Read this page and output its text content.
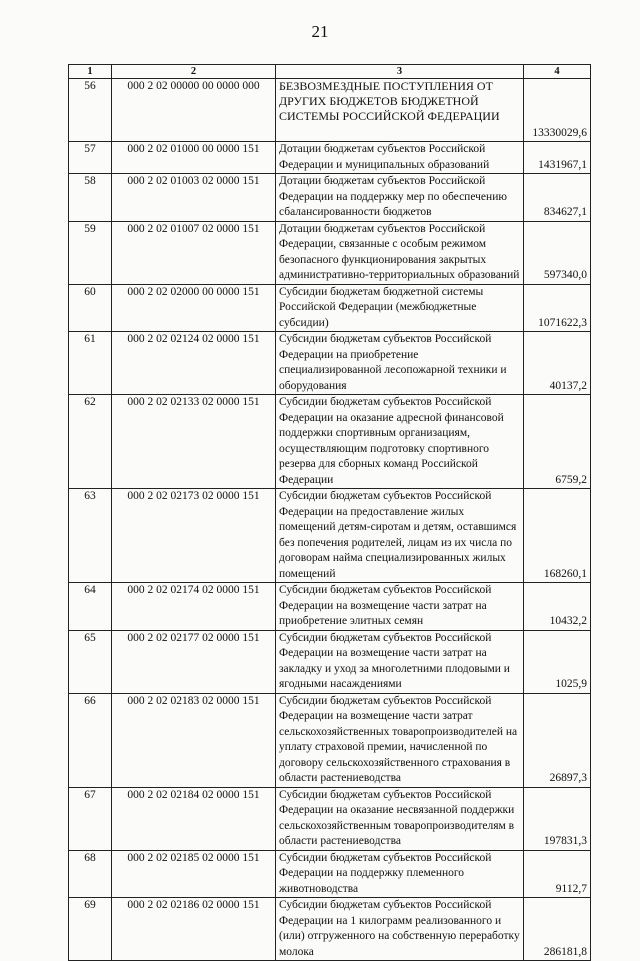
21
1	2	3	4
56	000 2 02 00000 00 0000 000	БЕЗВОЗМЕЗДНЫЕ ПОСТУПЛЕНИЯ ОТ ДРУГИХ БЮДЖЕТОВ БЮДЖЕТНОЙ СИСТЕМЫ РОССИЙСКОЙ ФЕДЕРАЦИИ	13330029,6
57	000 2 02 01000 00 0000 151	Дотации бюджетам субъектов Российской Федерации и муниципальных образований	1431967,1
58	000 2 02 01003 02 0000 151	Дотации бюджетам субъектов Российской Федерации на поддержку мер по обеспечению сбалансированности бюджетов	834627,1
59	000 2 02 01007 02 0000 151	Дотации бюджетам субъектов Российской Федерации, связанные с особым режимом безопасного функционирования закрытых административно-территориальных образований	597340,0
60	000 2 02 02000 00 0000 151	Субсидии бюджетам бюджетной системы Российской Федерации (межбюджетные субсидии)	1071622,3
61	000 2 02 02124 02 0000 151	Субсидии бюджетам субъектов Российской Федерации на приобретение специализированной лесопожарной техники и оборудования	40137,2
62	000 2 02 02133 02 0000 151	Субсидии бюджетам субъектов Российской Федерации на оказание адресной финансовой поддержки спортивным организациям, осуществляющим подготовку спортивного резерва для сборных команд Российской Федерации	6759,2
63	000 2 02 02173 02 0000 151	Субсидии бюджетам субъектов Российской Федерации на предоставление жилых помещений детям-сиротам и детям, оставшимся без попечения родителей, лицам из их числа по договорам найма специализированных жилых помещений	168260,1
64	000 2 02 02174 02 0000 151	Субсидии бюджетам субъектов Российской Федерации на возмещение части затрат на приобретение элитных семян	10432,2
65	000 2 02 02177 02 0000 151	Субсидии бюджетам субъектов Российской Федерации на возмещение части затрат на закладку и уход за многолетними плодовыми и ягодными насаждениями	1025,9
66	000 2 02 02183 02 0000 151	Субсидии бюджетам субъектов Российской Федерации на возмещение части затрат сельскохозяйственных товаропроизводителей на уплату страховой премии, начисленной по договору сельскохозяйственного страхования в области растениеводства	26897,3
67	000 2 02 02184 02 0000 151	Субсидии бюджетам субъектов Российской Федерации на оказание несвязанной поддержки сельскохозяйственным товаропроизводителям в области растениеводства	197831,3
68	000 2 02 02185 02 0000 151	Субсидии бюджетам субъектов Российской Федерации на поддержку племенного животноводства	9112,7
69	000 2 02 02186 02 0000 151	Субсидии бюджетам субъектов Российской Федерации на 1 килограмм реализованного и (или) отгруженного на собственную переработку молока	286181,8
